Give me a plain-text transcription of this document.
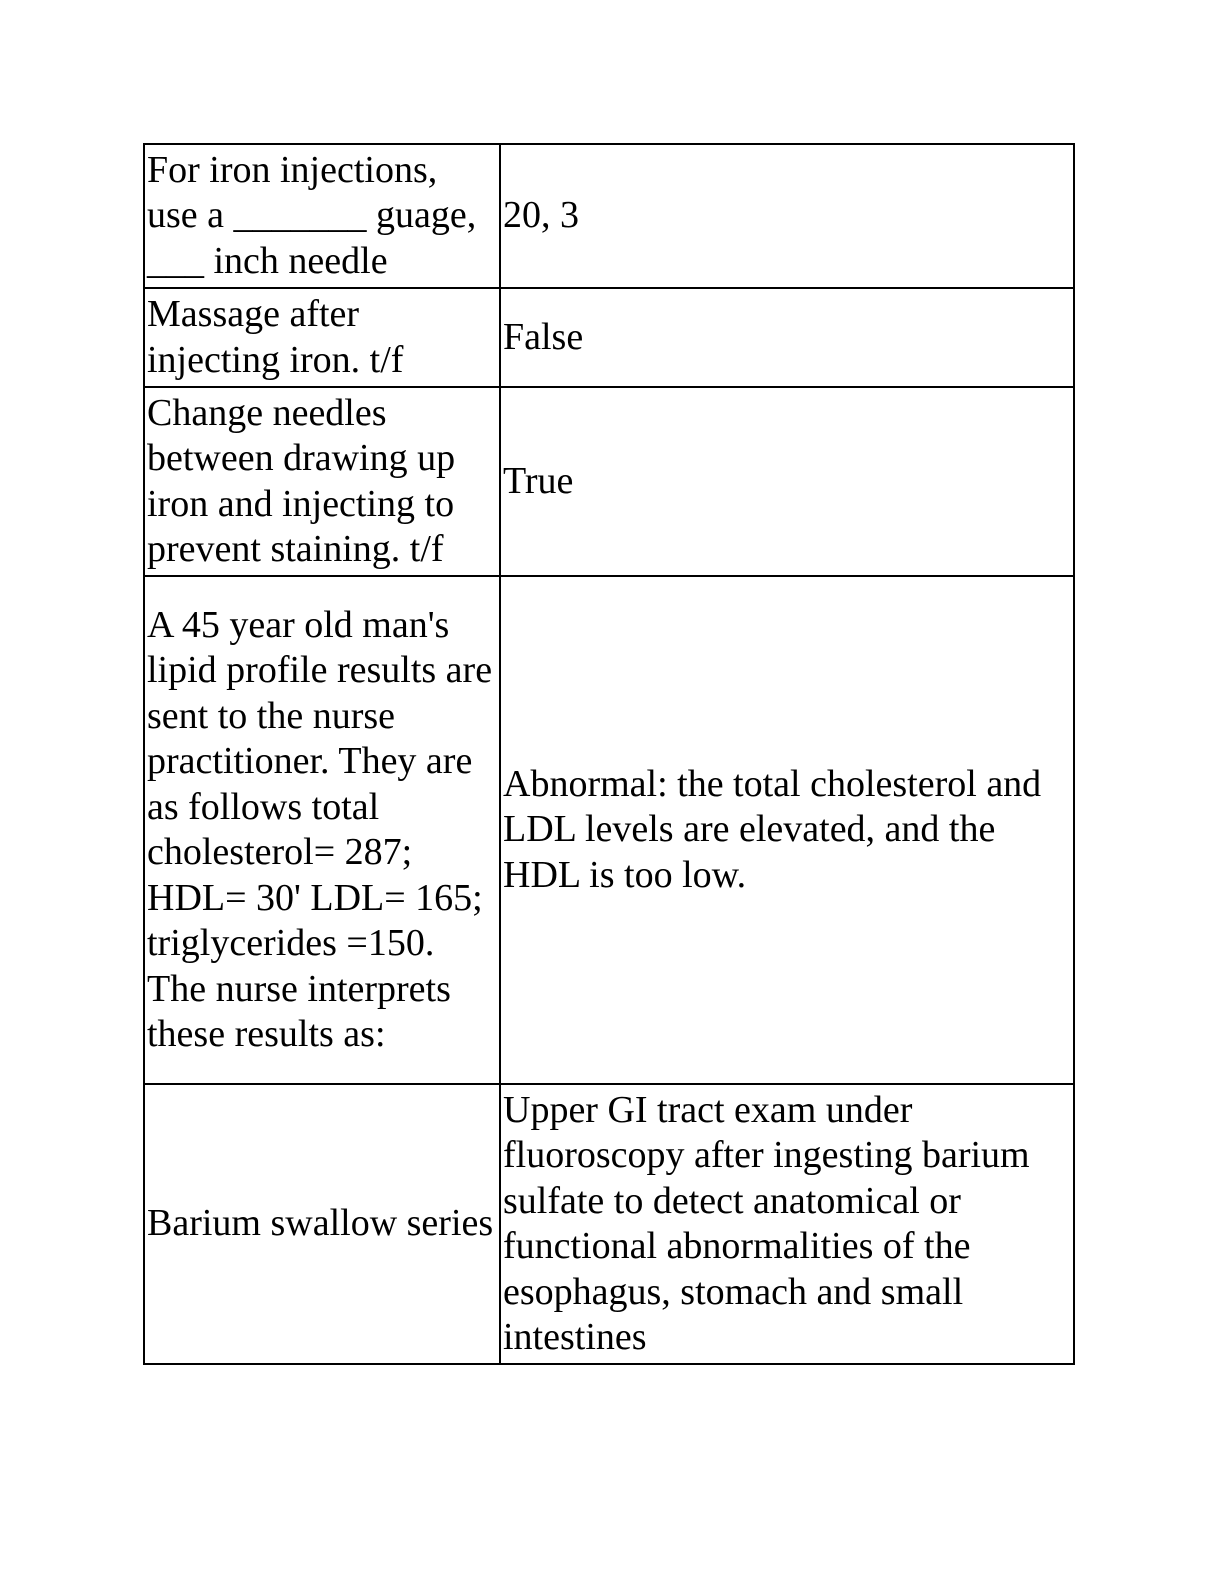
For iron injections, use a _______ guage, ___ inch needle	20, 3
Massage after injecting iron. t/f	False
Change needles between drawing up iron and injecting to prevent staining. t/f	True
A 45 year old man's lipid profile results are sent to the nurse practitioner. They are as follows total cholesterol= 287; HDL= 30' LDL= 165; triglycerides =150. The nurse interprets these results as:	Abnormal: the total cholesterol and LDL levels are elevated, and the HDL is too low.
Barium swallow series	Upper GI tract exam under fluoroscopy after ingesting barium sulfate to detect anatomical or functional abnormalities of the esophagus, stomach and small intestines
